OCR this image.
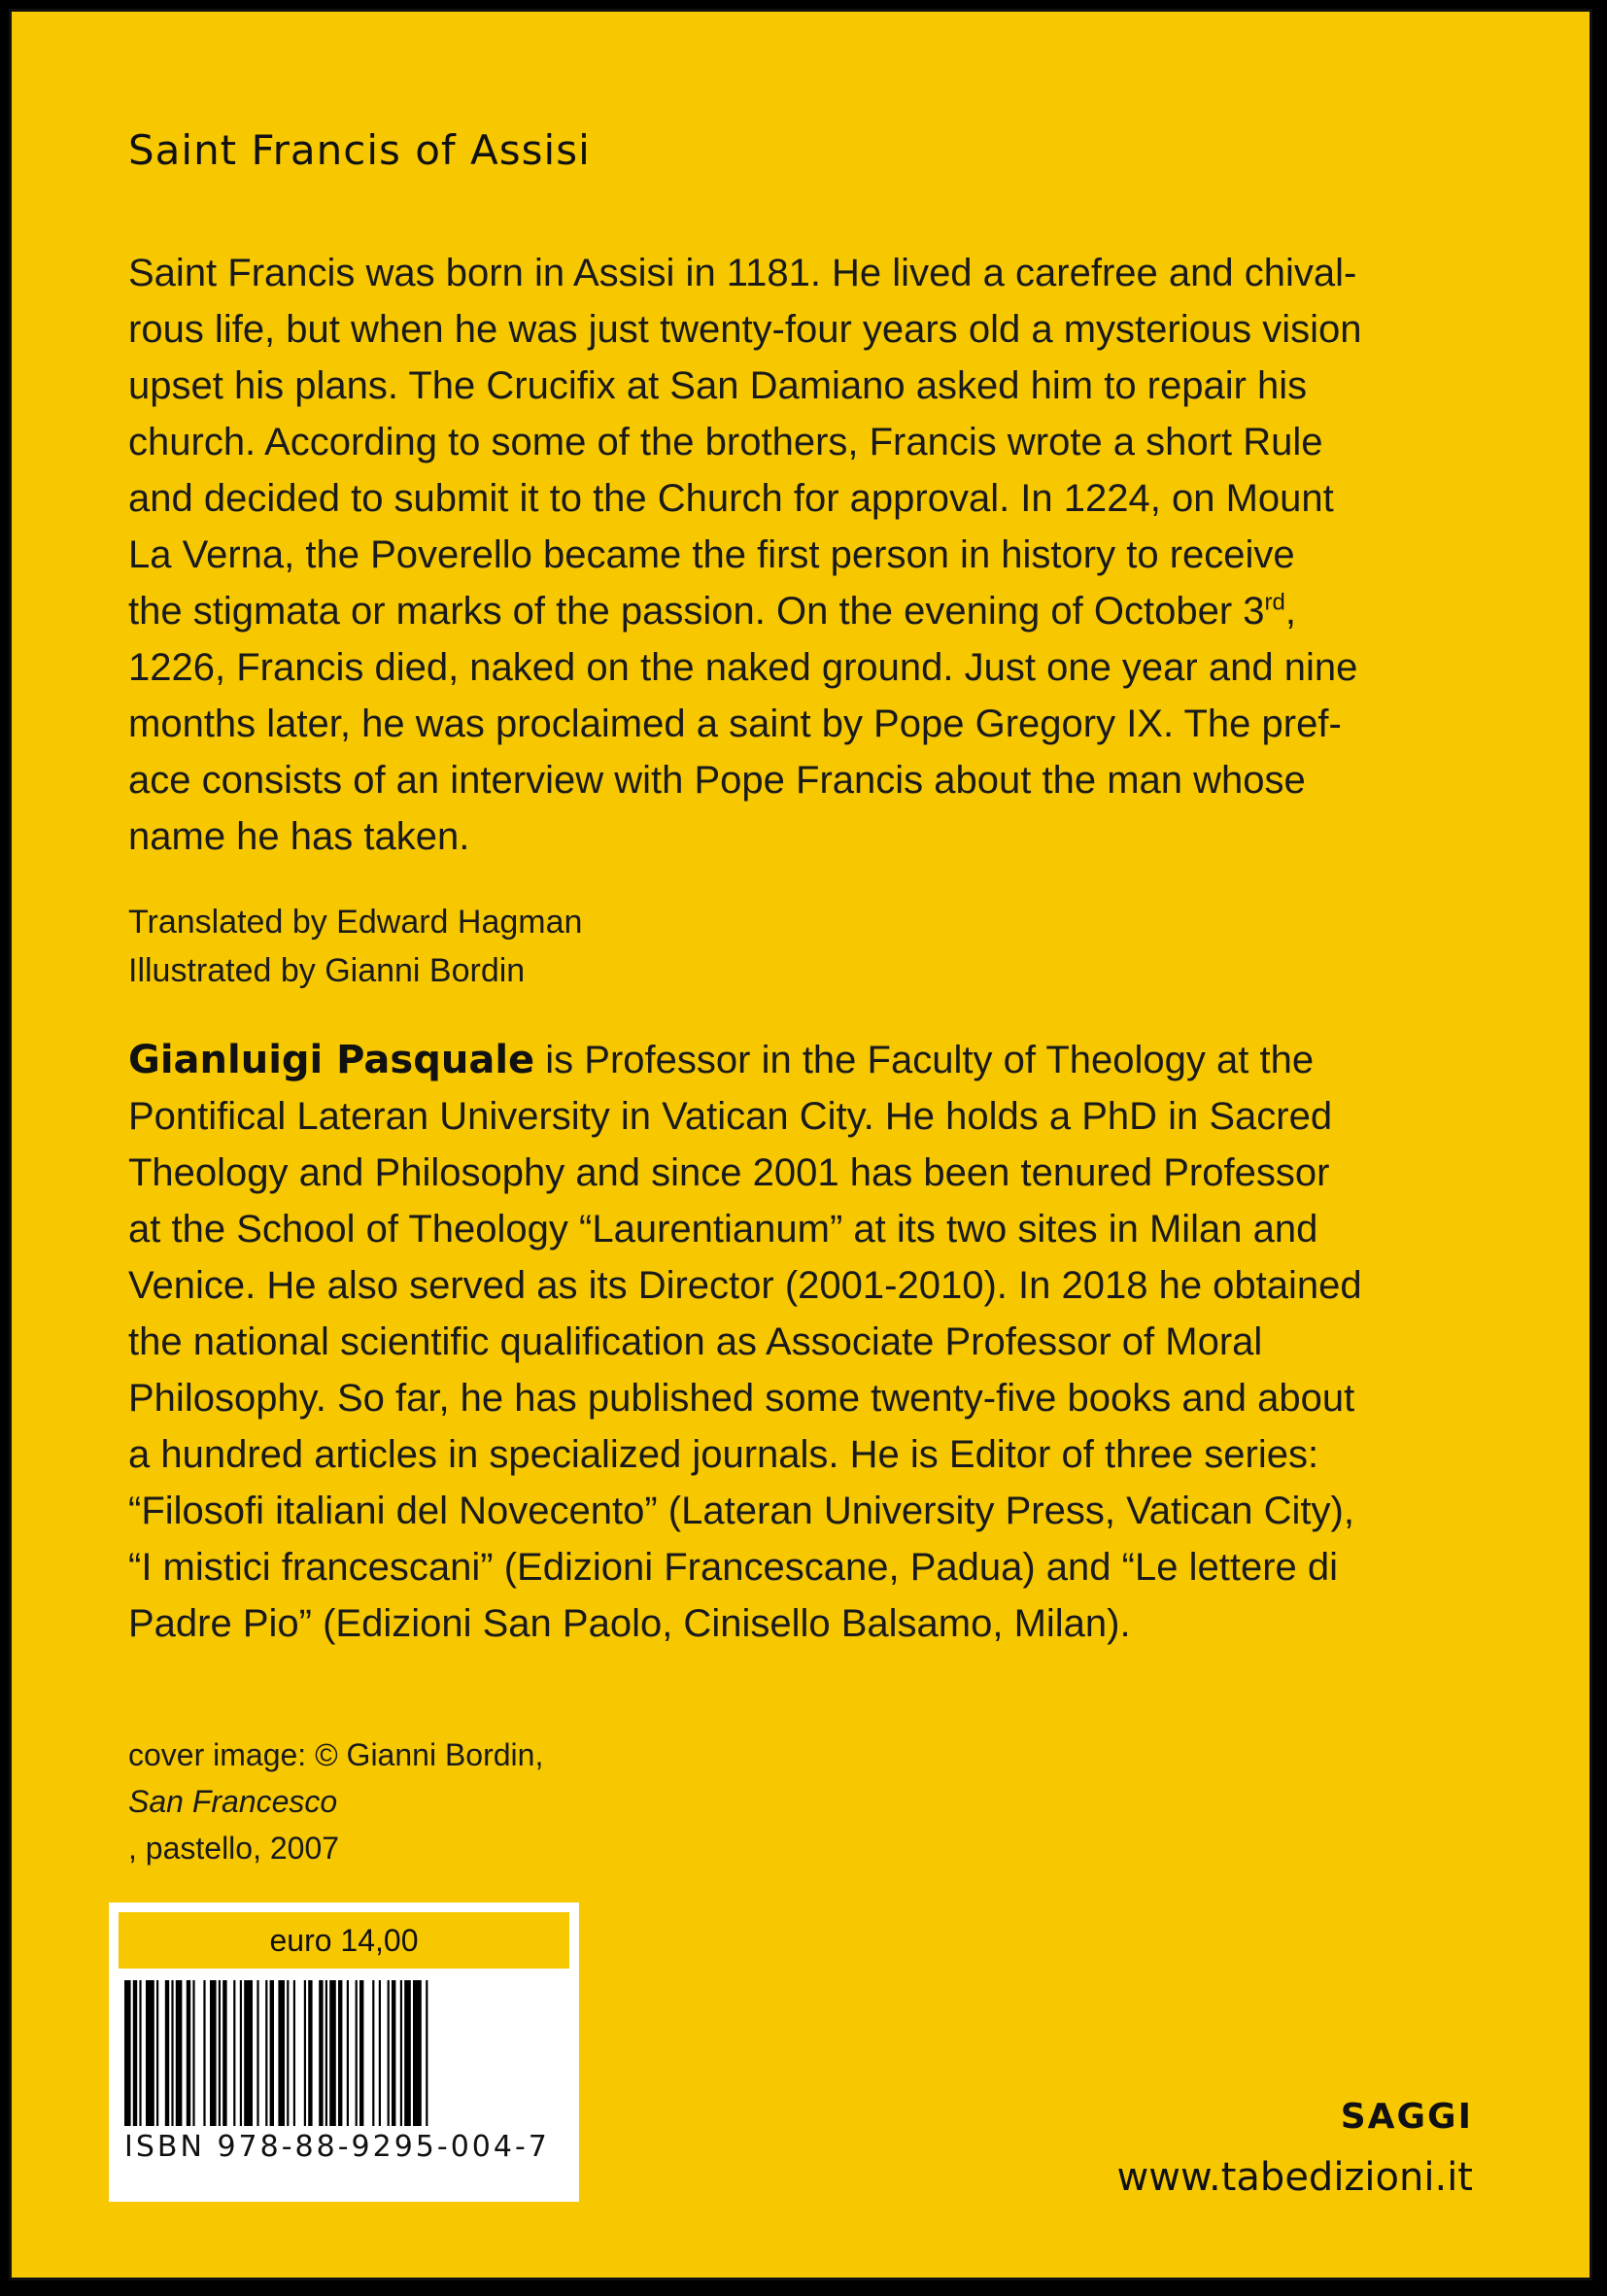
Saint Francis of Assisi
Saint Francis was born in Assisi in 1181. He lived a carefree and chival-
rous life, but when he was just twenty-four years old a mysterious vision
upset his plans. The Crucifix at San Damiano asked him to repair his
church. According to some of the brothers, Francis wrote a short Rule
and decided to submit it to the Church for approval. In 1224, on Mount
La Verna, the Poverello became the first person in history to receive
the stigmata or marks of the passion. On the evening of October 3rd,
1226, Francis died, naked on the naked ground. Just one year and nine
months later, he was proclaimed a saint by Pope Gregory IX. The pref-
ace consists of an interview with Pope Francis about the man whose
name he has taken.
Translated by Edward Hagman
Illustrated by Gianni Bordin
Gianluigi Pasquale is Professor in the Faculty of Theology at the
Pontifical Lateran University in Vatican City. He holds a PhD in Sacred
Theology and Philosophy and since 2001 has been tenured Professor
at the School of Theology “Laurentianum” at its two sites in Milan and
Venice. He also served as its Director (2001-2010). In 2018 he obtained
the national scientific qualification as Associate Professor of Moral
Philosophy. So far, he has published some twenty-five books and about
a hundred articles in specialized journals. He is Editor of three series:
“Filosofi italiani del Novecento” (Lateran University Press, Vatican City),
“I mistici francescani” (Edizioni Francescane, Padua) and “Le lettere di
Padre Pio” (Edizioni San Paolo, Cinisello Balsamo, Milan).
cover image: © Gianni Bordin,
San Francesco
, pastello, 2007
euro 14,00
ISBN 978-88-9295-004-7
SAGGI
www.tabedizioni.it
